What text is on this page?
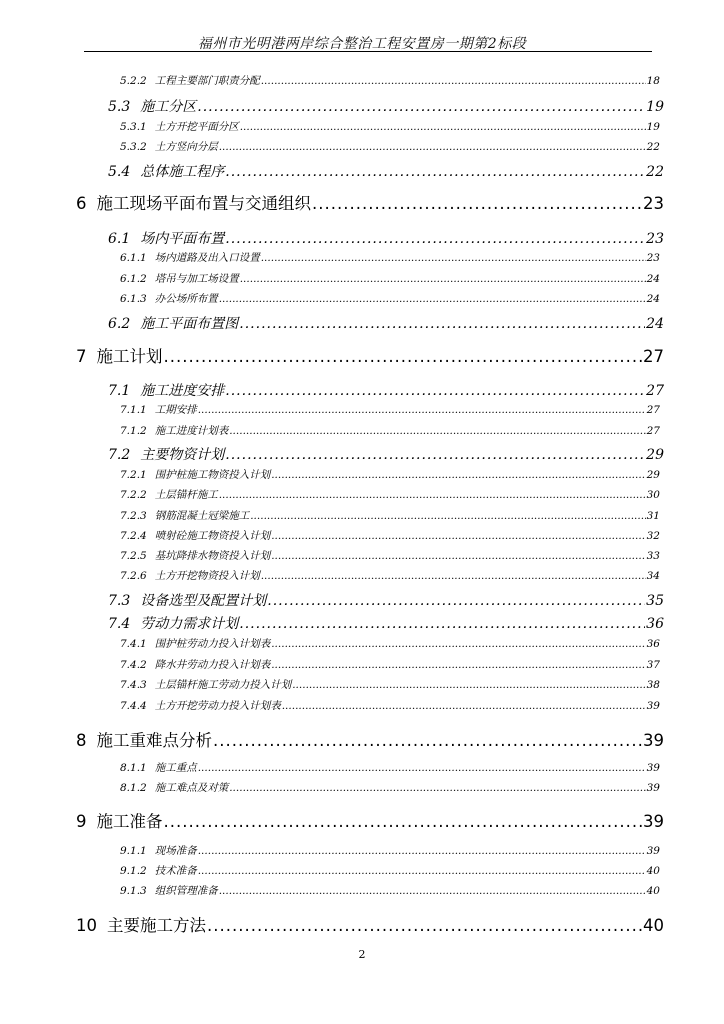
福州市光明港两岸综合整治工程安置房一期第2标段
5.2.2 工程主要部门职责分配 .....	18
5.3 施工分区 .....	19
5.3.1 土方开挖平面分区 .....	19
5.3.2 土方竖向分层 .....	22
5.4 总体施工程序 .....	22
6 施工现场平面布置与交通组织 .....	23
6.1 场内平面布置 .....	23
6.1.1 场内道路及出入口设置 .....	23
6.1.2 塔吊与加工场设置 .....	24
6.1.3 办公场所布置 .....	24
6.2 施工平面布置图 .....	24
7 施工计划 .....	27
7.1 施工进度安排 .....	27
7.1.1 工期安排 .....	27
7.1.2 施工进度计划表 .....	27
7.2 主要物资计划 .....	29
7.2.1 围护桩施工物资投入计划 .....	29
7.2.2 土层锚杆施工 .....	30
7.2.3 钢筋混凝土冠梁施工 .....	31
7.2.4 喷射砼施工物资投入计划 .....	32
7.2.5 基坑降排水物资投入计划 .....	33
7.2.6 土方开挖物资投入计划 .....	34
7.3 设备选型及配置计划 .....	35
7.4 劳动力需求计划 .....	36
7.4.1 围护桩劳动力投入计划表 .....	36
7.4.2 降水井劳动力投入计划表 .....	37
7.4.3 土层锚杆施工劳动力投入计划 .....	38
7.4.4 土方开挖劳动力投入计划表 .....	39
8 施工重难点分析 .....	39
8.1.1 施工重点 .....	39
8.1.2 施工难点及对策 .....	39
9 施工准备 .....	39
9.1.1 现场准备 .....	39
9.1.2 技术准备 .....	40
9.1.3 组织管理准备 .....	40
10 主要施工方法 .....	40
2
